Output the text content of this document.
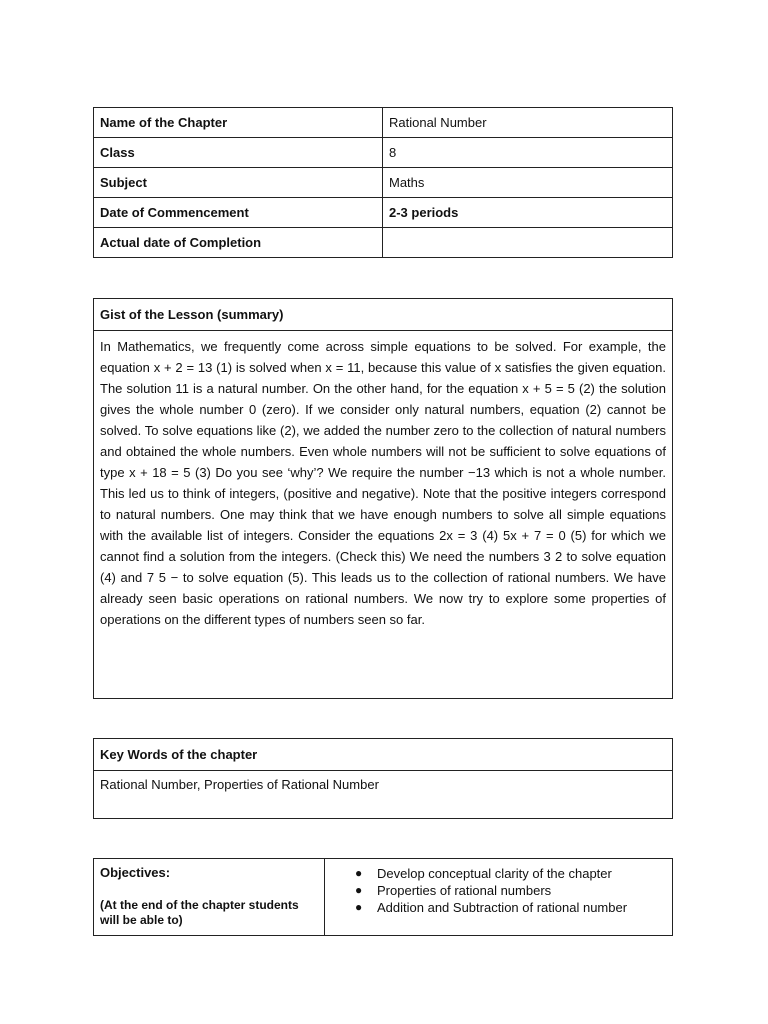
Name of the Chapter	Rational Number
Class	8
Subject	Maths
Date of Commencement	2-3 periods
Actual date of Completion	
Gist of the Lesson (summary)

In Mathematics, we frequently come across simple equations to be solved. For example, the equation x + 2 = 13 (1) is solved when x = 11, because this value of x satisfies the given equation. The solution 11 is a natural number. On the other hand, for the equation x + 5 = 5 (2) the solution gives the whole number 0 (zero). If we consider only natural numbers, equation (2) cannot be solved. To solve equations like (2), we added the number zero to the collection of natural numbers and obtained the whole numbers. Even whole numbers will not be sufficient to solve equations of type x + 18 = 5 (3) Do you see ‘why’? We require the number −13 which is not a whole number. This led us to think of integers, (positive and negative). Note that the positive integers correspond to natural numbers. One may think that we have enough numbers to solve all simple equations with the available list of integers. Consider the equations 2x = 3 (4) 5x + 7 = 0 (5) for which we cannot find a solution from the integers. (Check this) We need the numbers 3 2 to solve equation (4) and 7 5 − to solve equation (5). This leads us to the collection of rational numbers. We have already seen basic operations on rational numbers. We now try to explore some properties of operations on the different types of numbers seen so far.

Key Words of the chapter
Rational Number, Properties of Rational Number

Objectives:

(At the end of the chapter students will be able to)

● Develop conceptual clarity of the chapter
● Properties of rational numbers
● Addition and Subtraction of rational number
